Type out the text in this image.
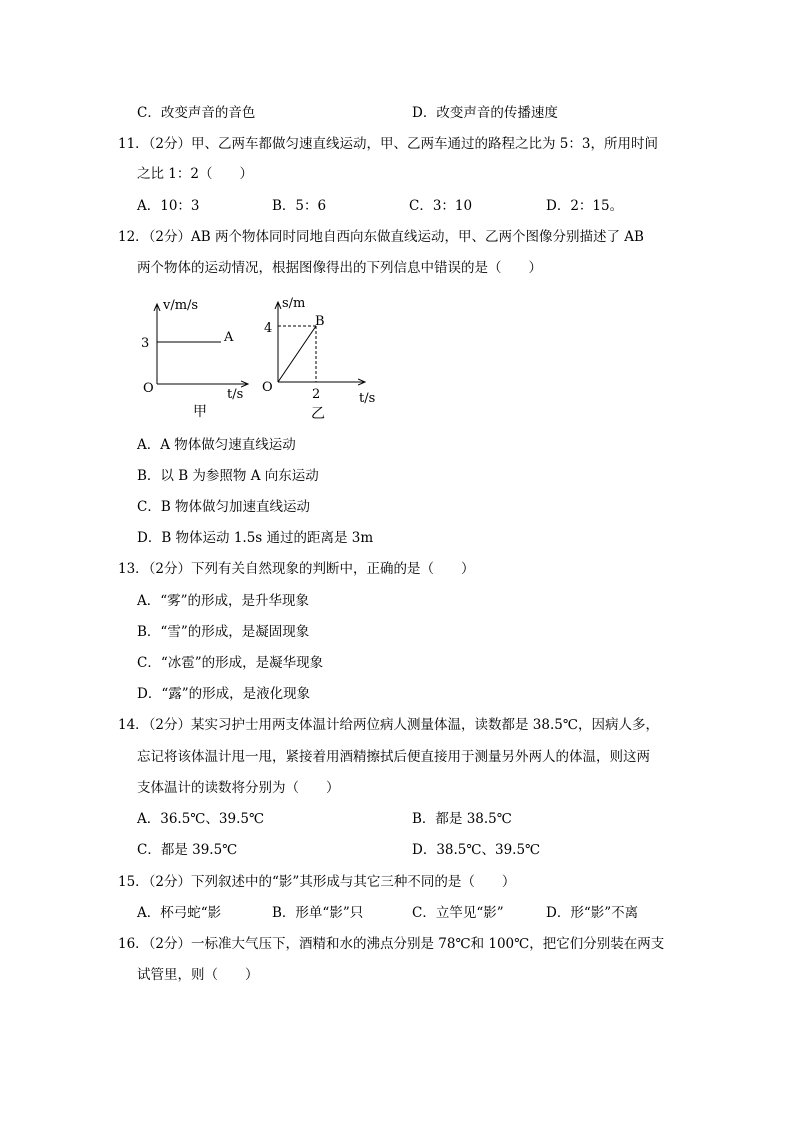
C．改变声音的音色	D．改变声音的传播速度
11．（2分）甲、乙两车都做匀速直线运动，甲、乙两车通过的路程之比为 5：3，所用时间
之比 1：2（　　）
A．10：3	B．5：6	C．3：10	D．2：15。
12．（2分）AB 两个物体同时同地自西向东做直线运动，甲、乙两个图像分别描述了 AB
两个物体的运动情况，根据图像得出的下列信息中错误的是（　　）
v/m/s
3	A
O	t/s
甲
s/m
4	B
O	2	t/s
乙
A．A 物体做匀速直线运动
B．以 B 为参照物 A 向东运动
C．B 物体做匀加速直线运动
D．B 物体运动 1.5s 通过的距离是 3m
13．（2分）下列有关自然现象的判断中，正确的是（　　）
A．“雾”的形成，是升华现象
B．“雪”的形成，是凝固现象
C．“冰雹”的形成，是凝华现象
D．“露”的形成，是液化现象
14．（2分）某实习护士用两支体温计给两位病人测量体温，读数都是 38.5℃，因病人多，
忘记将该体温计甩一甩，紧接着用酒精擦拭后便直接用于测量另外两人的体温，则这两
支体温计的读数将分别为（　　）
A．36.5℃、39.5℃	B．都是 38.5℃
C．都是 39.5℃	D．38.5℃、39.5℃
15．（2分）下列叙述中的“影”其形成与其它三种不同的是（　　）
A．杯弓蛇“影	B．形单“影”只	C．立竿见“影”	D．形“影”不离
16．（2分）一标准大气压下，酒精和水的沸点分别是 78℃和 100℃，把它们分别装在两支
试管里，则（　　）
